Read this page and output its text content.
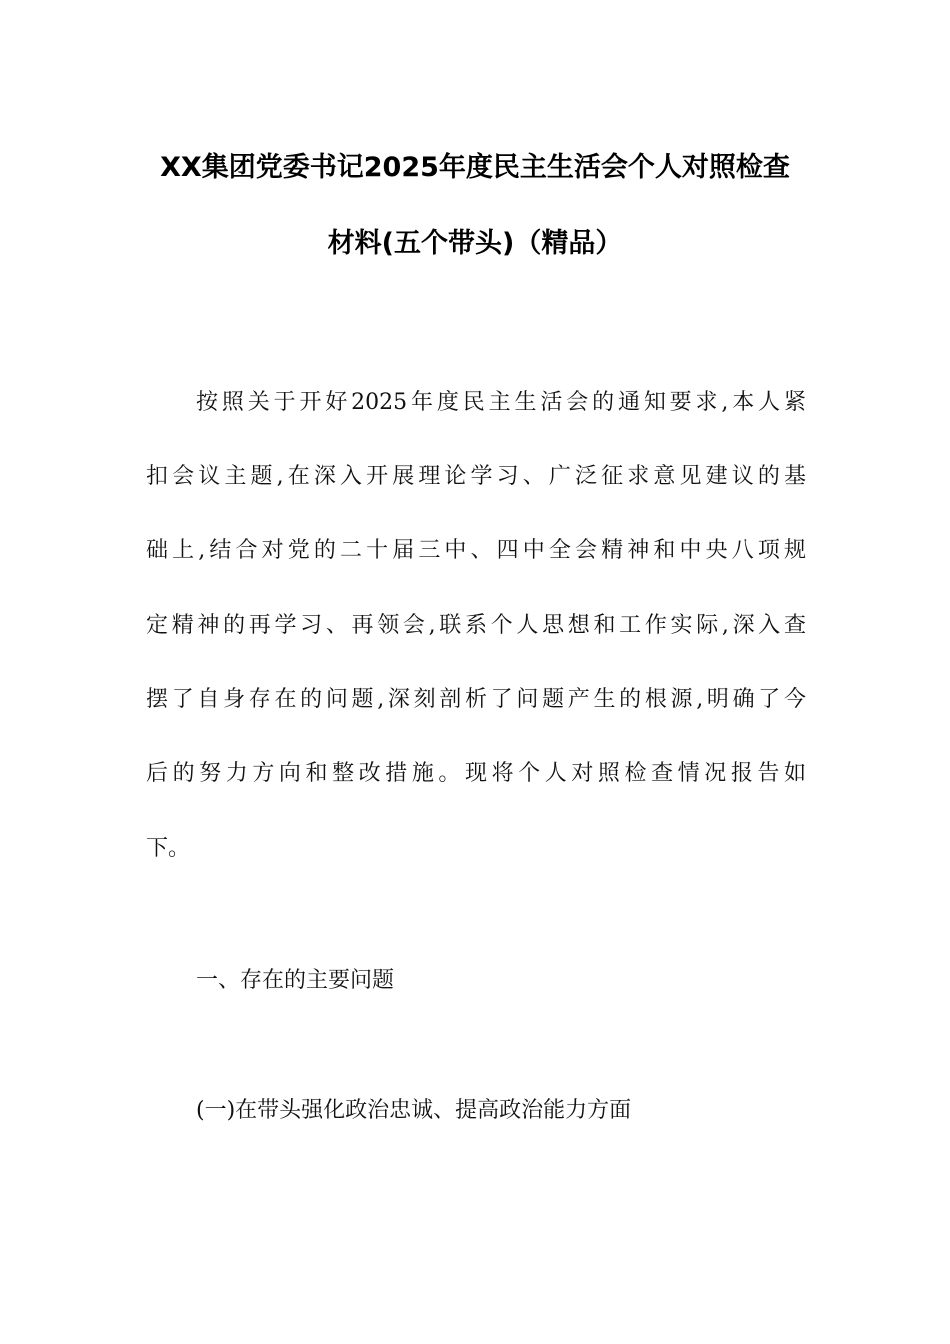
XX集团党委书记2025年度民主生活会个人对照检查
材料(五个带头)（精品）
按照关于开好2025年度民主生活会的通知要求,本人紧
扣会议主题,在深入开展理论学习、广泛征求意见建议的基
础上,结合对党的二十届三中、四中全会精神和中央八项规
定精神的再学习、再领会,联系个人思想和工作实际,深入查
摆了自身存在的问题,深刻剖析了问题产生的根源,明确了今
后的努力方向和整改措施。现将个人对照检查情况报告如
下。
一、存在的主要问题
(一)在带头强化政治忠诚、提高政治能力方面
